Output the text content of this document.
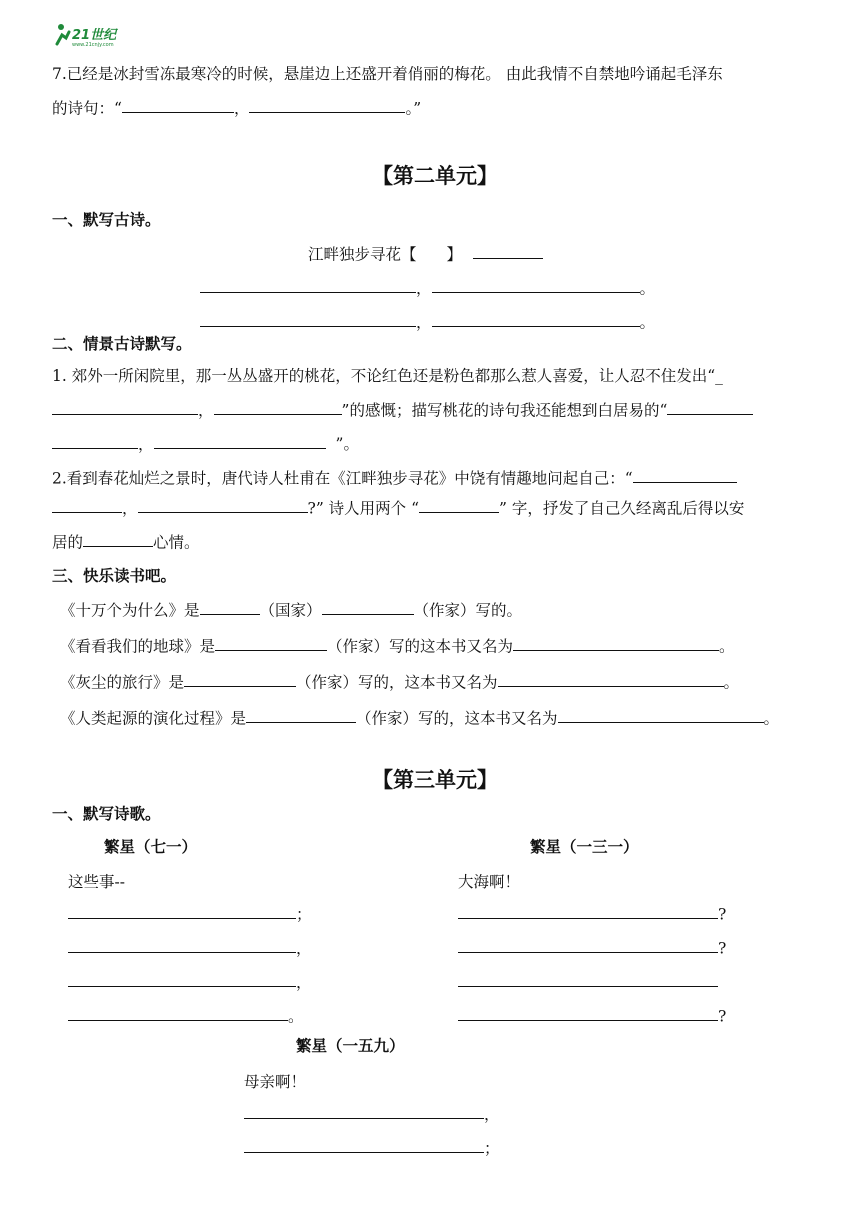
21世纪
www.21cnjy.com
7.已经是冰封雪冻最寒冷的时候，悬崖边上还盛开着俏丽的梅花。 由此我情不自禁地吟诵起毛泽东
的诗句：“	，	。”
【第二单元】
一、默写古诗。
江畔独步寻花【 】
，	。
，	。
二、情景古诗默写。
1. 郊外一所闲院里，那一丛丛盛开的桃花，不论红色还是粉色都那么惹人喜爱，让人忍不住发出“_
，	”的感慨；描写桃花的诗句我还能想到白居易的“
，	”。
2.看到春花灿烂之景时，唐代诗人杜甫在《江畔独步寻花》中饶有情趣地问起自己：“
，	?” 诗人用两个 “	” 字，抒发了自己久经离乱后得以安
居的	心情。
三、快乐读书吧。
《十万个为什么》是	（国家）	（作家）写的。
《看看我们的地球》是	（作家）写的这本书又名为	。
《灰尘的旅行》是	（作家）写的，这本书又名为	。
《人类起源的演化过程》是	（作家）写的，这本书又名为	。
【第三单元】
一、默写诗歌。
繁星（七一）
这些事--
；
，
，
。
繁星（一三一）
大海啊！
?
?
?
繁星（一五九）
母亲啊！
，
；
